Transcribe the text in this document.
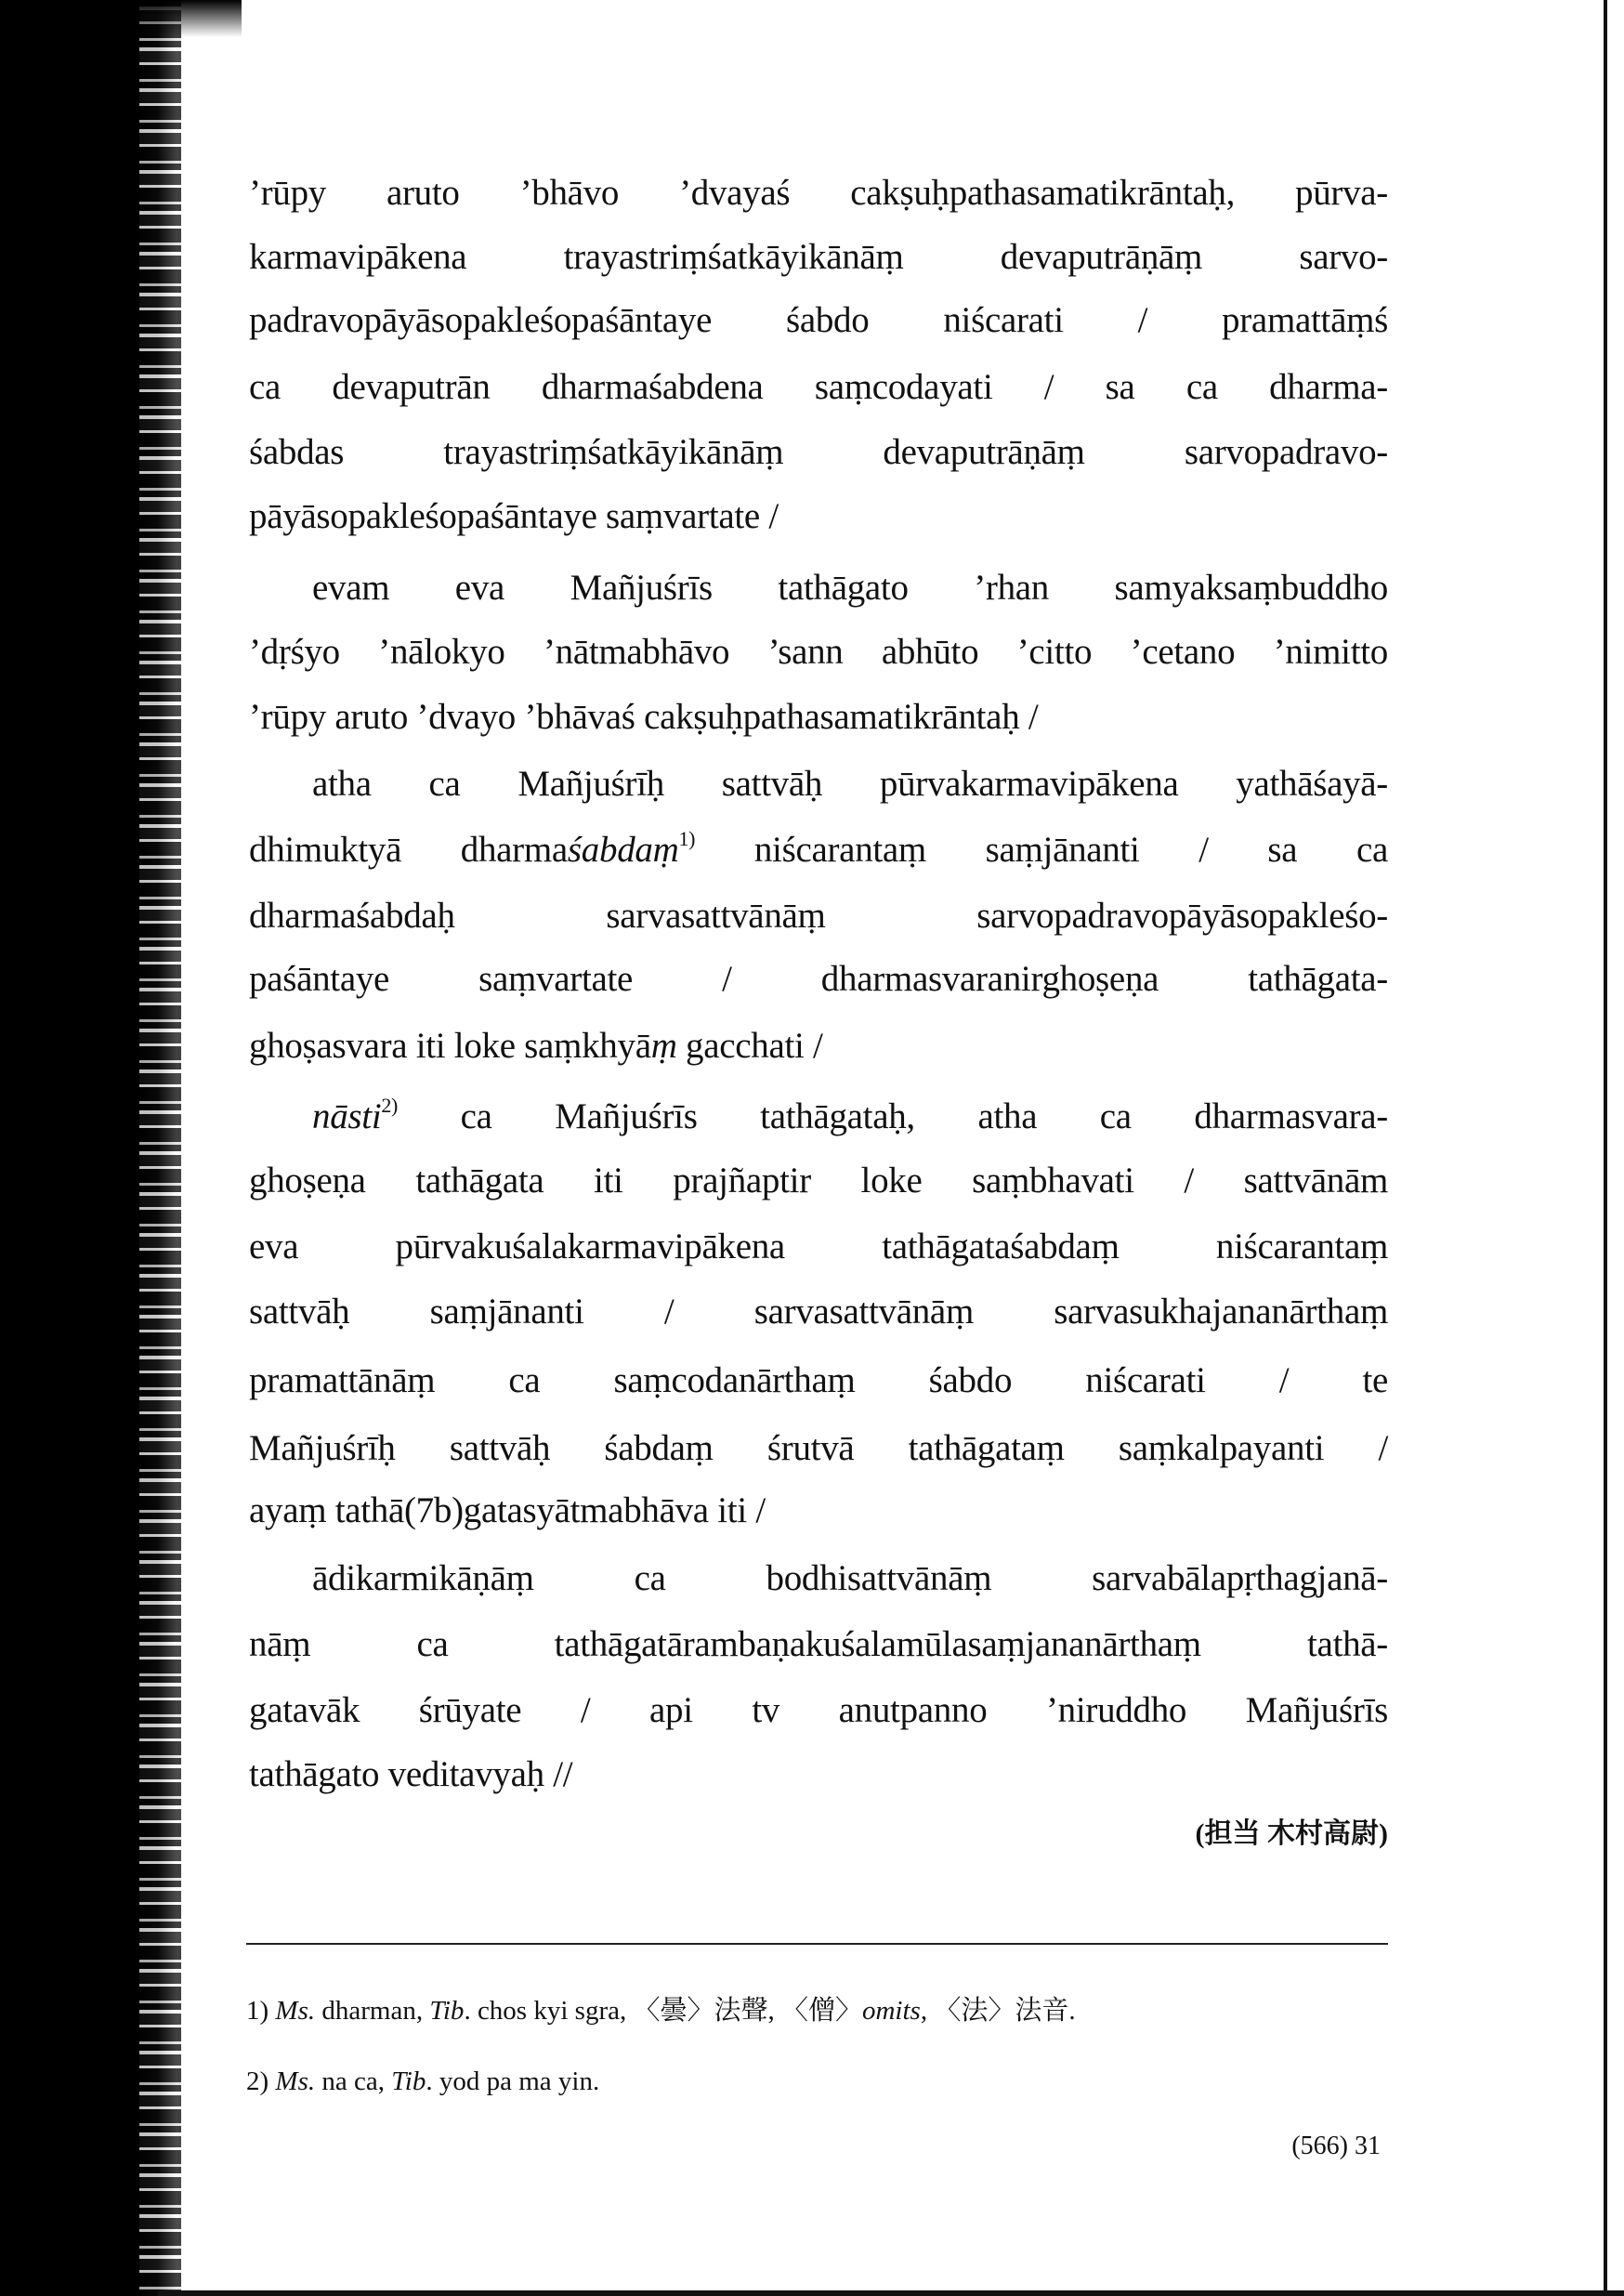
’rūpy aruto ’bhāvo ’dvayaś cakṣuḥpathasamatikrāntaḥ, pūrva-
karmavipākena trayastriṃśatkāyikānāṃ devaputrāṇāṃ sarvo-
padravopāyāsopakleśopaśāntaye śabdo niścarati / pramattāṃś
ca devaputrān dharmaśabdena saṃcodayati / sa ca dharma-
śabdas trayastriṃśatkāyikānāṃ devaputrāṇāṃ sarvopadravo-
pāyāsopakleśopaśāntaye saṃvartate /
evam eva Mañjuśrīs tathāgato ’rhan samyaksaṃbuddho
’dṛśyo ’nālokyo ’nātmabhāvo ’sann abhūto ’citto ’cetano ’nimitto
’rūpy aruto ’dvayo ’bhāvaś cakṣuḥpathasamatikrāntaḥ /
atha ca Mañjuśrīḥ sattvāḥ pūrvakarmavipākena yathāśayā-
dhimuktyā dharmaśabdaṃ$^{1)}$ niścarantaṃ saṃjānanti / sa ca
dharmaśabdaḥ sarvasattvānāṃ sarvopadravopāyāsopakleśo-
paśāntaye saṃvartate / dharmasvaranirghoṣeṇa tathāgata-
ghoṣasvara iti loke saṃkhyāṃ gacchati /
nāsti$^{2)}$ ca Mañjuśrīs tathāgataḥ, atha ca dharmasvara-
ghoṣeṇa tathāgata iti prajñaptir loke saṃbhavati / sattvānām
eva pūrvakuśalakarmavipākena tathāgataśabdaṃ niścarantaṃ
sattvāḥ saṃjānanti / sarvasattvānāṃ sarvasukhajananārthaṃ
pramattānāṃ ca saṃcodanārthaṃ śabdo niścarati / te
Mañjuśrīḥ sattvāḥ śabdaṃ śrutvā tathāgataṃ saṃkalpayanti /
ayaṃ tathā(7b)gatasyātmabhāva iti /
ādikarmikāṇāṃ ca bodhisattvānāṃ sarvabālapṛthagjanā-
nāṃ ca tathāgatārambaṇakuśalamūlasaṃjananārthaṃ tathā-
gatavāk śrūyate / api tv anutpanno ’niruddho Mañjuśrīs
tathāgato veditavyaḥ //
(担当 木村高尉)
1) Ms. dharman, Tib. chos kyi sgra, 〈曇〉法聲, 〈僧〉omits, 〈法〉法音.
2) Ms. na ca, Tib. yod pa ma yin.
(566) 31
